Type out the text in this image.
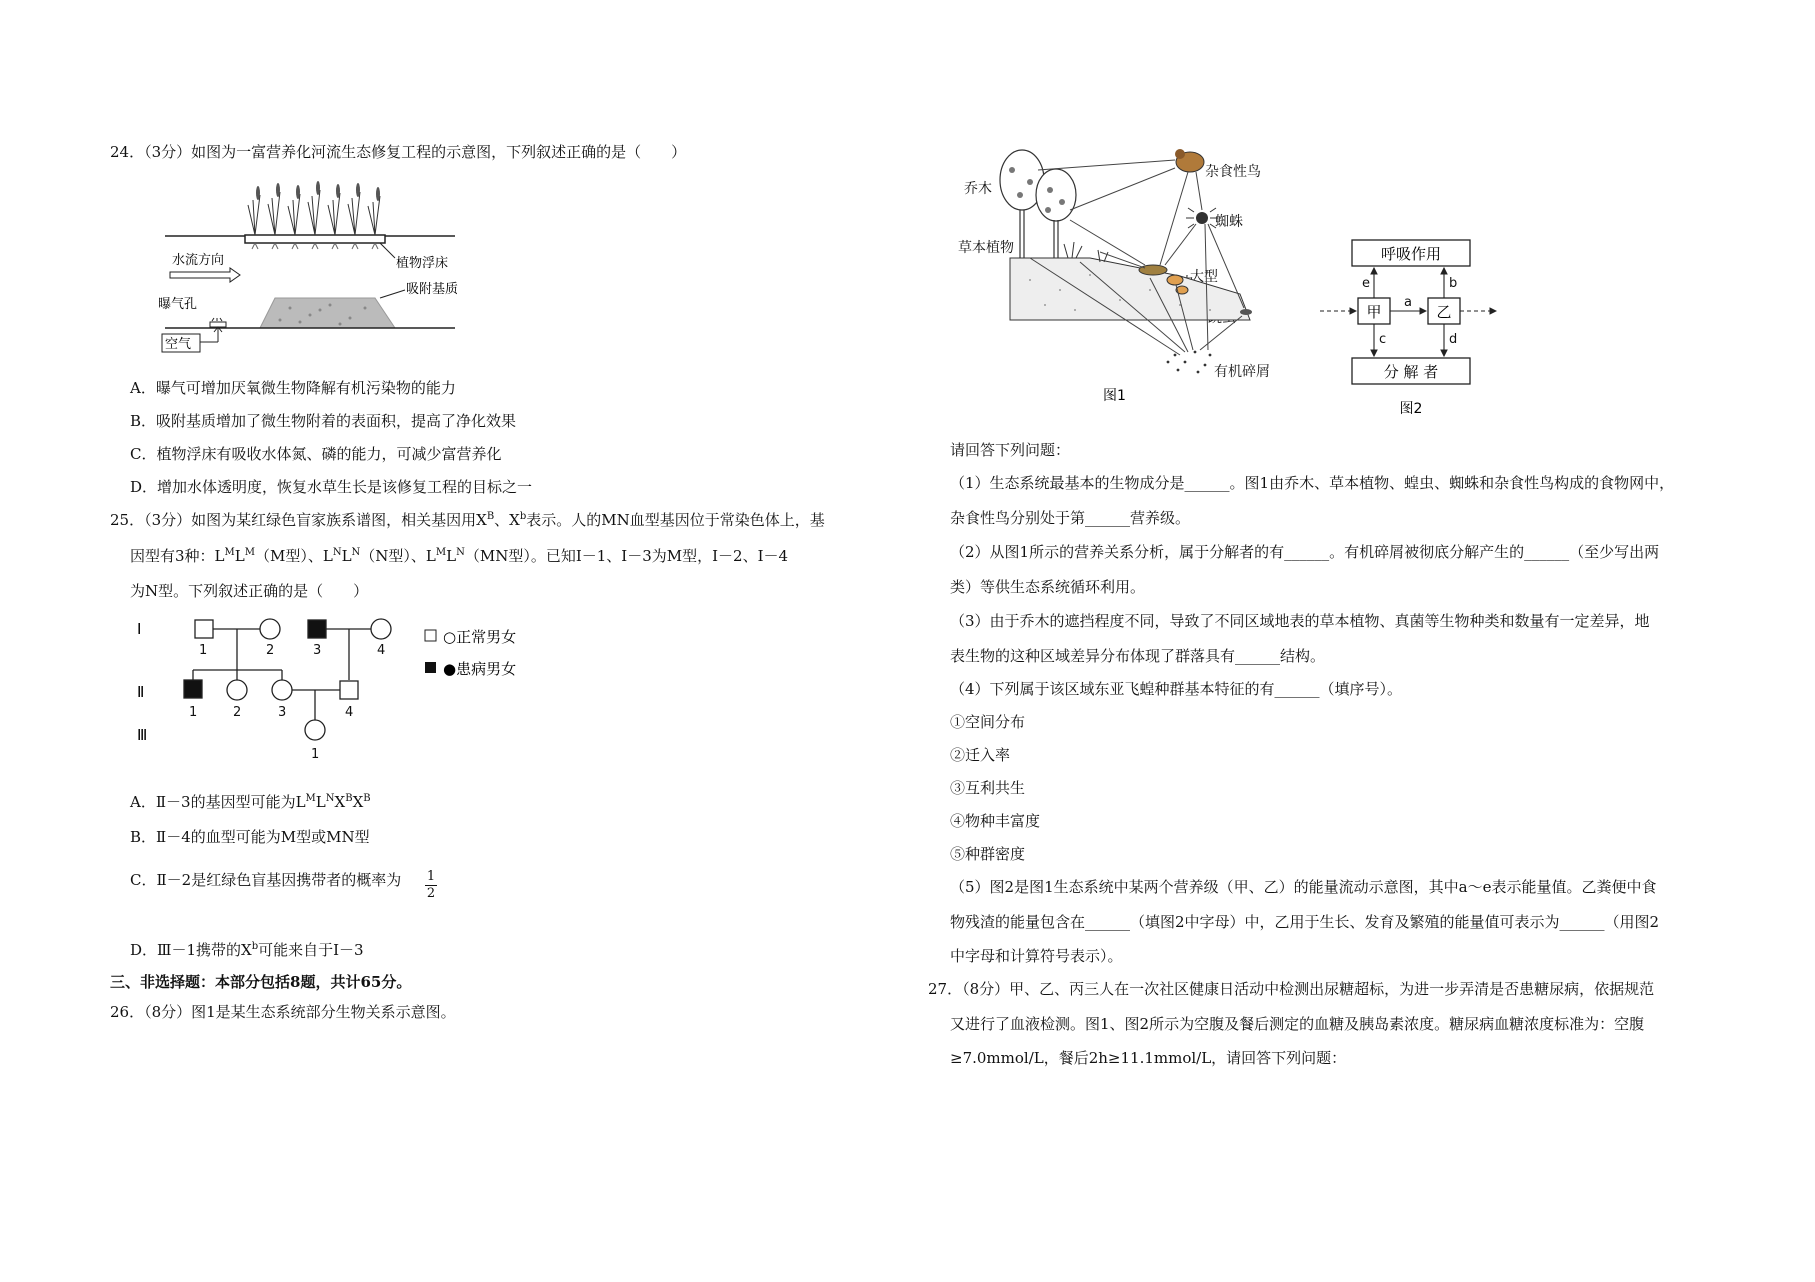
24．（3分）如图为一富营养化河流生态修复工程的示意图，下列叙述正确的是（　　）
植物浮床
水流方向
吸附基质
曝气孔
空气
A．曝气可增加厌氧微生物降解有机污染物的能力
B．吸附基质增加了微生物附着的表面积，提高了净化效果
C．植物浮床有吸收水体氮、磷的能力，可减少富营养化
D．增加水体透明度，恢复水草生长是该修复工程的目标之一
25．（3分）如图为某红绿色盲家族系谱图，相关基因用$X^B$、$X^b$表示。人的MN血型基因位于常染色体上，基
因型有3种：$L^ML^M(M$型）、$L^NL^N(N$型）、$L^ML^N(MN$型）。已知Ⅰ－1、Ⅰ－3为M型，Ⅰ－2、Ⅰ－4
为N型。下列叙述正确的是（　　）
Ⅰ
Ⅱ
Ⅲ
1	2	3	4
1	2	3	4
1
○正常男女
●患病男女
A．Ⅱ－3的基因型可能为$L^ML^NX^BX^B$
B．Ⅱ－4的血型可能为M型或MN型
C．Ⅱ－2是红绿色盲基因携带者的概率为 1
2
D．Ⅲ－1携带的$X^b$可能来自于Ⅰ－3
三、非选择题：本部分包括8题，共计65分。
26．（8分）图1是某生态系统部分生物关系示意图。
乔木
杂食性鸟
蜘蛛
草本植物
大型
有机碎屑
图1
呼吸作用
分 解 者
甲	乙
a
b
c	d
e
图2
请回答下列问题：
（1）生态系统最基本的生物成分是______。图1由乔木、草本植物、蝗虫、蜘蛛和杂食性鸟构成的食物网中，
杂食性鸟分别处于第______营养级。
（2）从图1所示的营养关系分析，属于分解者的有______。有机碎屑被彻底分解产生的______（至少写出两
类）等供生态系统循环利用。
（3）由于乔木的遮挡程度不同，导致了不同区域地表的草本植物、真菌等生物种类和数量有一定差异，地
表生物的这种区域差异分布体现了群落具有______结构。
（4）下列属于该区域东亚飞蝗种群基本特征的有______（填序号）。
①空间分布
②迁入率
③互利共生
④物种丰富度
⑤种群密度
（5）图2是图1生态系统中某两个营养级（甲、乙）的能量流动示意图，其中a～e表示能量值。乙粪便中食
物残渣的能量包含在______（填图2中字母）中，乙用于生长、发育及繁殖的能量值可表示为______（用图2
中字母和计算符号表示）。
27．（8分）甲、乙、丙三人在一次社区健康日活动中检测出尿糖超标，为进一步弄清是否患糖尿病，依据规范
又进行了血液检测。图1、图2所示为空腹及餐后测定的血糖及胰岛素浓度。糖尿病血糖浓度标准为：空腹
≥7.0mmol/L，餐后2h≥11.1mmol/L，请回答下列问题：
